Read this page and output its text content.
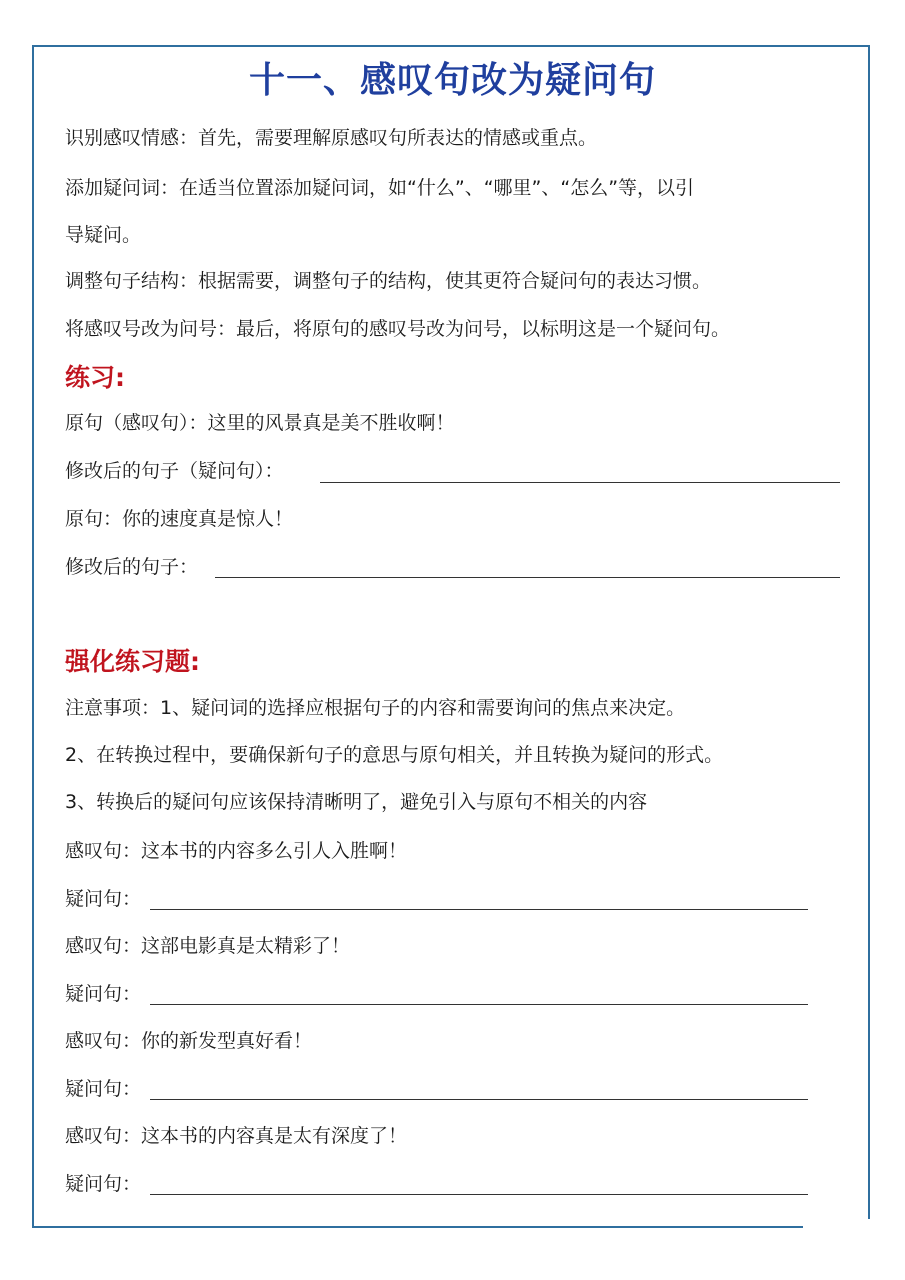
十一、感叹句改为疑问句
识别感叹情感：首先，需要理解原感叹句所表达的情感或重点。
添加疑问词：在适当位置添加疑问词，如“什么”、“哪里”、“怎么”等，以引
导疑问。
调整句子结构：根据需要，调整句子的结构，使其更符合疑问句的表达习惯。
将感叹号改为问号：最后，将原句的感叹号改为问号，以标明这是一个疑问句。
练习:
原句（感叹句）：这里的风景真是美不胜收啊！
修改后的句子（疑问句）：
原句：你的速度真是惊人！
修改后的句子：
强化练习题:
注意事项：1、疑问词的选择应根据句子的内容和需要询问的焦点来决定。
2、在转换过程中，要确保新句子的意思与原句相关，并且转换为疑问的形式。
3、转换后的疑问句应该保持清晰明了，避免引入与原句不相关的内容
感叹句：这本书的内容多么引人入胜啊！
疑问句：
感叹句：这部电影真是太精彩了！
疑问句：
感叹句：你的新发型真好看！
疑问句：
感叹句：这本书的内容真是太有深度了！
疑问句：
